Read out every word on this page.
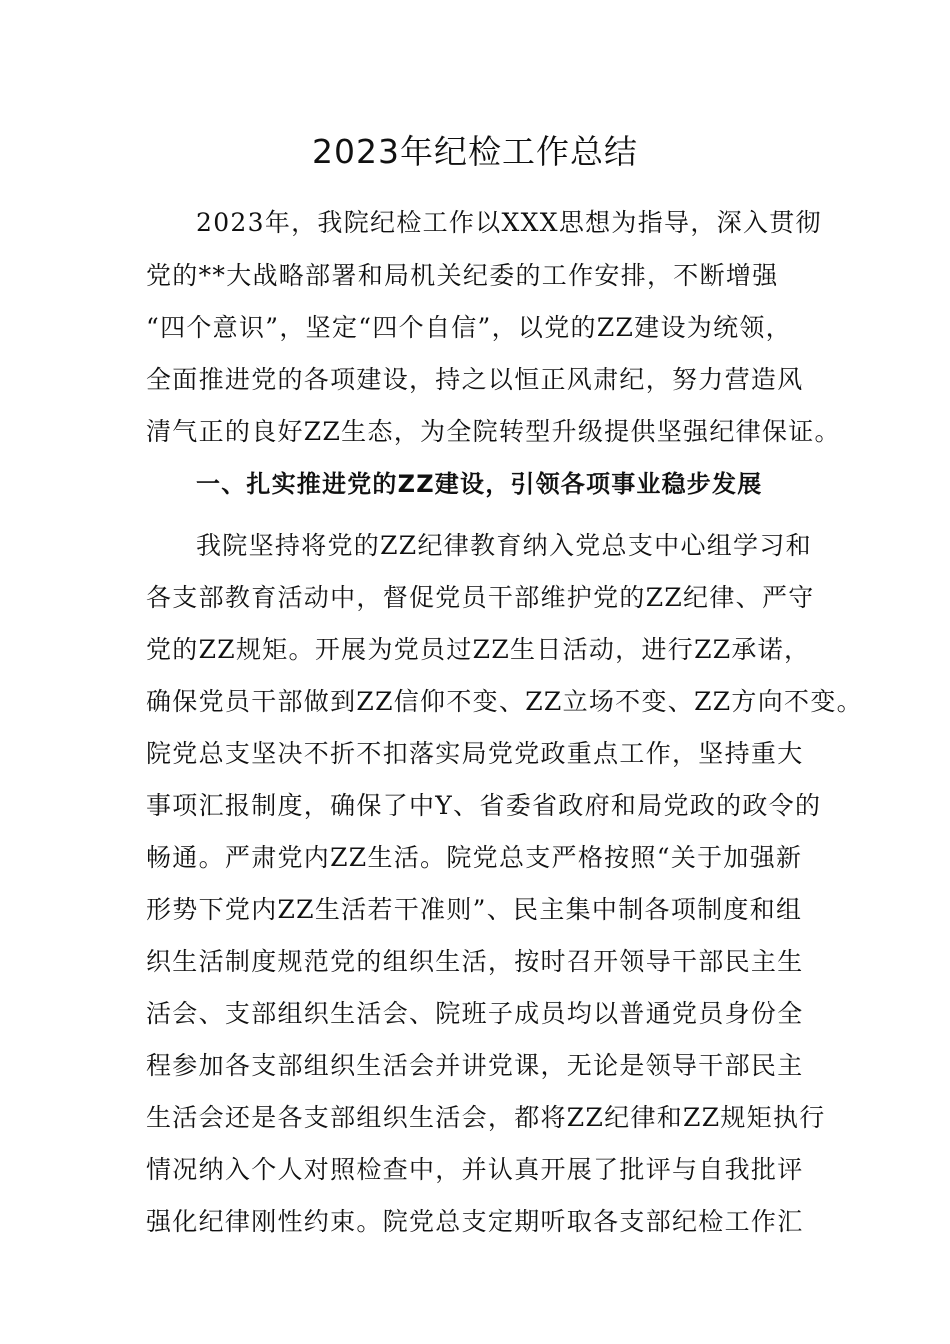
2023年纪检工作总结

2023年，我院纪检工作以XXX思想为指导，深入贯彻

党的**大战略部署和局机关纪委的工作安排，不断增强

“四个意识”，坚定“四个自信”，以党的ZZ建设为统领，

全面推进党的各项建设，持之以恒正风肃纪，努力营造风

清气正的良好ZZ生态，为全院转型升级提供坚强纪律保证。

一、扎实推进党的ZZ建设，引领各项事业稳步发展

我院坚持将党的ZZ纪律教育纳入党总支中心组学习和

各支部教育活动中，督促党员干部维护党的ZZ纪律、严守

党的ZZ规矩。开展为党员过ZZ生日活动，进行ZZ承诺，

确保党员干部做到ZZ信仰不变、ZZ立场不变、ZZ方向不变。

院党总支坚决不折不扣落实局党党政重点工作，坚持重大

事项汇报制度，确保了中Y、省委省政府和局党政的政令的

畅通。严肃党内ZZ生活。院党总支严格按照“关于加强新

形势下党内ZZ生活若干准则”、民主集中制各项制度和组

织生活制度规范党的组织生活，按时召开领导干部民主生

活会、支部组织生活会、院班子成员均以普通党员身份全

程参加各支部组织生活会并讲党课，无论是领导干部民主

生活会还是各支部组织生活会，都将ZZ纪律和ZZ规矩执行

情况纳入个人对照检查中，并认真开展了批评与自我批评

强化纪律刚性约束。院党总支定期听取各支部纪检工作汇
